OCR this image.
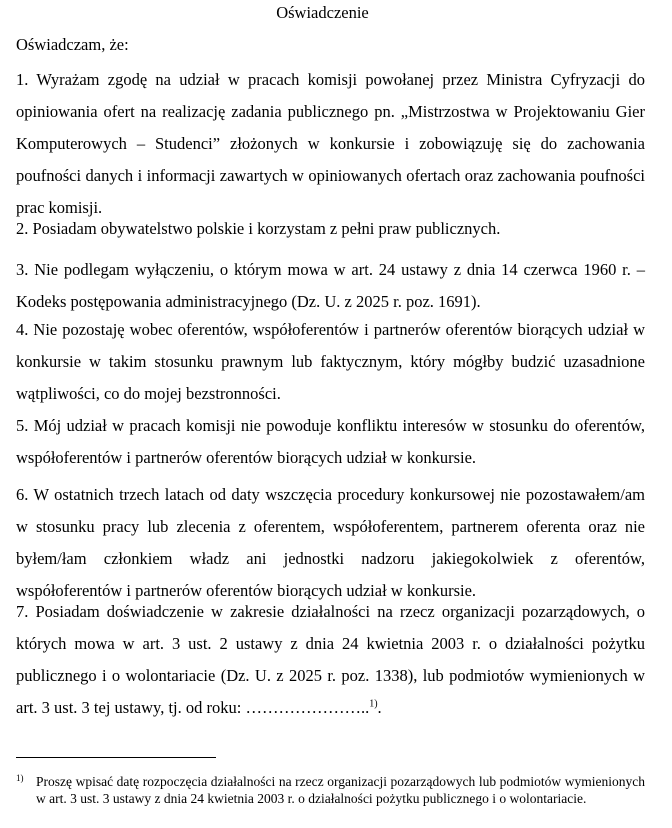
Oświadczenie
Oświadczam, że:
1. Wyrażam zgodę na udział w pracach komisji powołanej przez Ministra Cyfryzacji do opiniowania ofert na realizację zadania publicznego pn. „Mistrzostwa w Projektowaniu Gier Komputerowych – Studenci” złożonych w konkursie i zobowiązuję się do zachowania poufności danych i informacji zawartych w opiniowanych ofertach oraz zachowania poufności prac komisji.
2. Posiadam obywatelstwo polskie i korzystam z pełni praw publicznych.
3. Nie podlegam wyłączeniu, o którym mowa w art. 24 ustawy z dnia 14 czerwca 1960 r. – Kodeks postępowania administracyjnego (Dz. U. z 2025 r. poz. 1691).
4. Nie pozostaję wobec oferentów, współoferentów i partnerów oferentów biorących udział w konkursie w takim stosunku prawnym lub faktycznym, który mógłby budzić uzasadnione wątpliwości, co do mojej bezstronności.
5. Mój udział w pracach komisji nie powoduje konfliktu interesów w stosunku do oferentów, współoferentów i partnerów oferentów biorących udział w konkursie.
6. W ostatnich trzech latach od daty wszczęcia procedury konkursowej nie pozostawałem/am w stosunku pracy lub zlecenia z oferentem, współoferentem, partnerem oferenta oraz nie byłem/łam członkiem władz ani jednostki nadzoru jakiegokolwiek z oferentów, współoferentów i partnerów oferentów biorących udział w konkursie.
7. Posiadam doświadczenie w zakresie działalności na rzecz organizacji pozarządowych, o których mowa w art. 3 ust. 2 ustawy z dnia 24 kwietnia 2003 r. o działalności pożytku publicznego i o wolontariacie (Dz. U. z 2025 r. poz. 1338), lub podmiotów wymienionych w art. 3 ust. 3 tej ustawy, tj. od roku: …………………..$^{1)}$.
1) Proszę wpisać datę rozpoczęcia działalności na rzecz organizacji pozarządowych lub podmiotów wymienionych w art. 3 ust. 3 ustawy z dnia 24 kwietnia 2003 r. o działalności pożytku publicznego i o wolontariacie.
